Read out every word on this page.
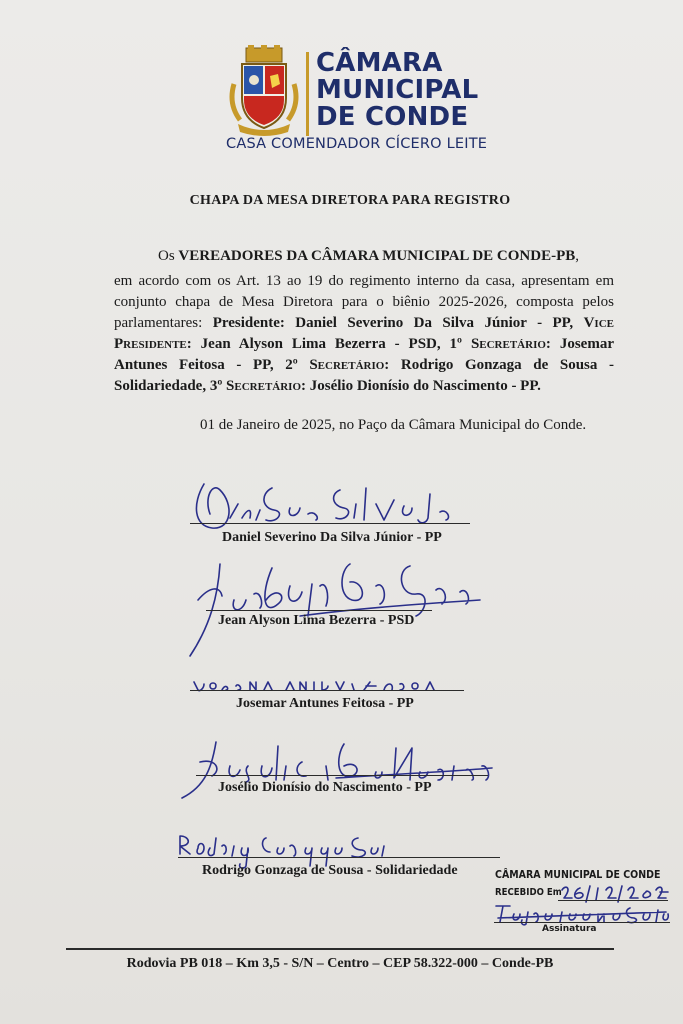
CÂMARA
MUNICIPAL
DE CONDE
CASA COMENDADOR CÍCERO LEITE
CHAPA DA MESA DIRETORA PARA REGISTRO
Os VEREADORES DA CÂMARA MUNICIPAL DE CONDE-PB,
em acordo com os Art. 13 ao 19 do regimento interno da casa, apresentam em
conjunto chapa de Mesa Diretora para o biênio 2025-2026, composta pelos
parlamentares: Presidente: Daniel Severino Da Silva Júnior - PP, Vice
Presidente: Jean Alyson Lima Bezerra - PSD, 1º Secretário: Josemar
Antunes Feitosa - PP, 2º Secretário: Rodrigo Gonzaga de Sousa -
Solidariedade, 3º Secretário: Josélio Dionísio do Nascimento - PP.
01 de Janeiro de 2025, no Paço da Câmara Municipal do Conde.
Daniel Severino Da Silva Júnior - PP
Jean Alyson Lima Bezerra - PSD
Josemar Antunes Feitosa - PP
Josélio Dionísio do Nascimento - PP
Rodrigo Gonzaga de Sousa - Solidariedade	CÂMARA MUNICIPAL DE CONDE
RECEBIDO Em
Assinatura
Rodovia PB 018 – Km 3,5 - S/N – Centro – CEP 58.322-000 – Conde-PB
